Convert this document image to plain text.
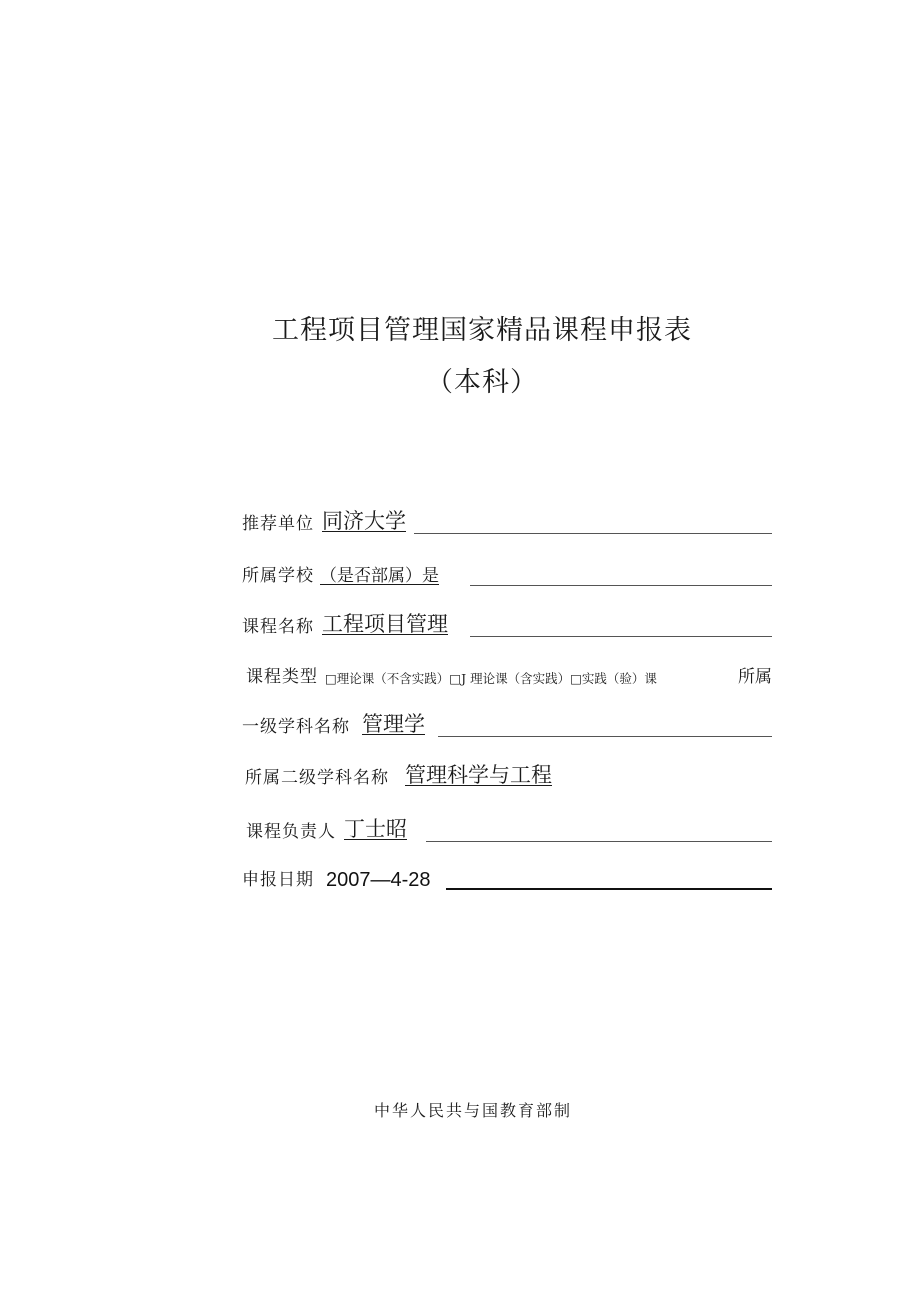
工程项目管理国家精品课程申报表
（本科）
推荐单位 同济大学
所属学校 （是否部属）是
课程名称 工程项目管理
课程类型 □理论课（不含实践）□J 理论课（含实践）□实践（验）课	所属
一级学科名称 管理学
所属二级学科名称 管理科学与工程
课程负责人 丁士昭
申报日期 2007—4-28
中华人民共与国教育部制
